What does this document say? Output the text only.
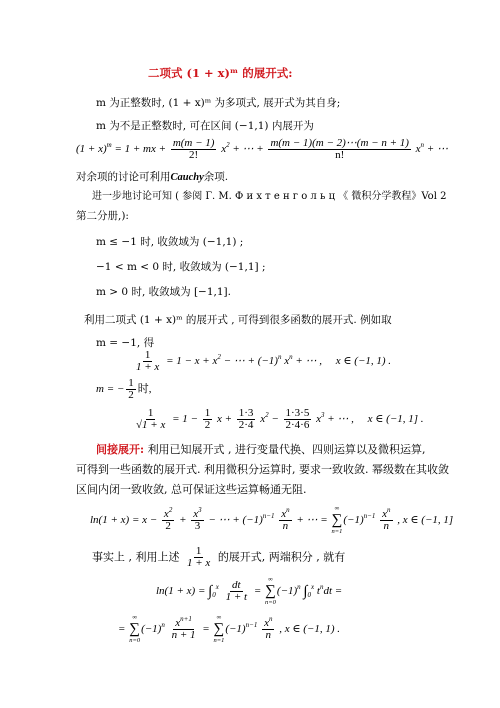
二项式 (1 + x)ᵐ 的展开式:
m 为正整数时, (1 + x)ᵐ 为多项式, 展开式为其自身;
m 为不是正整数时, 可在区间 (−1,1) 内展开为
$(1 + x)^m = 1$ + mx + $\frac{m(m - 1)}{2!} x^2$ + ⋯ + $\frac{m(m - 1)(m - 2)\cdots(m - n + 1)}{n!} x^n$ + ⋯
对余项的讨论可利用Cauchy余项.
进一步地讨论可知 ( 参阅 Г. М. Ф и х т е н г о л ь ц 《 微积分学教程》Vol 2
第二分册,):
m ≤ −1 时, 收敛域为 (−1,1) ;
−1 < m < 0 时, 收敛域为 (−1,1] ;
m > 0 时, 收敛域为 [−1,1].
利用二项式 (1 + x)ᵐ 的展开式 , 可得到很多函数的展开式. 例如取
m = −1, 得
$\frac{1}{1 + x} = 1 - x + x^2$ − ⋯ + $(-1)^n$ $x^n$ + ⋯ ,     x ∈ (−1, 1) .
m = − $\frac{1}{2}$ 时,
$\frac{1}{√1 + x} = 1 - \frac{1}{2}$ $x + \frac{1\cdot 3}{2\cdot 4} x^2 - \frac{1\cdot 3\cdot 5}{2\cdot 4\cdot 6} x^3$ + ⋯ ,     x ∈ (−1, 1] .
间接展开: 利用已知展开式 , 进行变量代换、四则运算以及微积运算,
可得到一些函数的展开式. 利用微积分运算时, 要求一致收敛. 幂级数在其收敛
区间内闭一致收敛, 总可保证这些运算畅通无阻.
$\ln(1 + x) = x - \frac{x^2}{2} + \frac{x^3}{3}$ − ⋯ + $(-1)^{n-1} \frac{x^n}{n}$ + ⋯ =
∞
∑
n=1
$(-1)^{n-1} \frac{x^n}{n}$ , x ∈ (−1, 1]
事实上 , 利用上述 $\frac{1}{1 + x}$ 的展开式, 两端积分 , 就有
$\ln(1 + x) = \int_0^x \frac{dt}{1 + t}$ =
∞
∑
n=0
$(-1)^n$ $\int_0^x$ $t^ndt$ =
=
∞
∑
n=0
$(-1)^n \frac{x^{n+1}}{n + 1}$ =
∞
∑
n=1
$(-1)^{n-1} \frac{x^n}{n}$ , x ∈ (−1, 1) .
